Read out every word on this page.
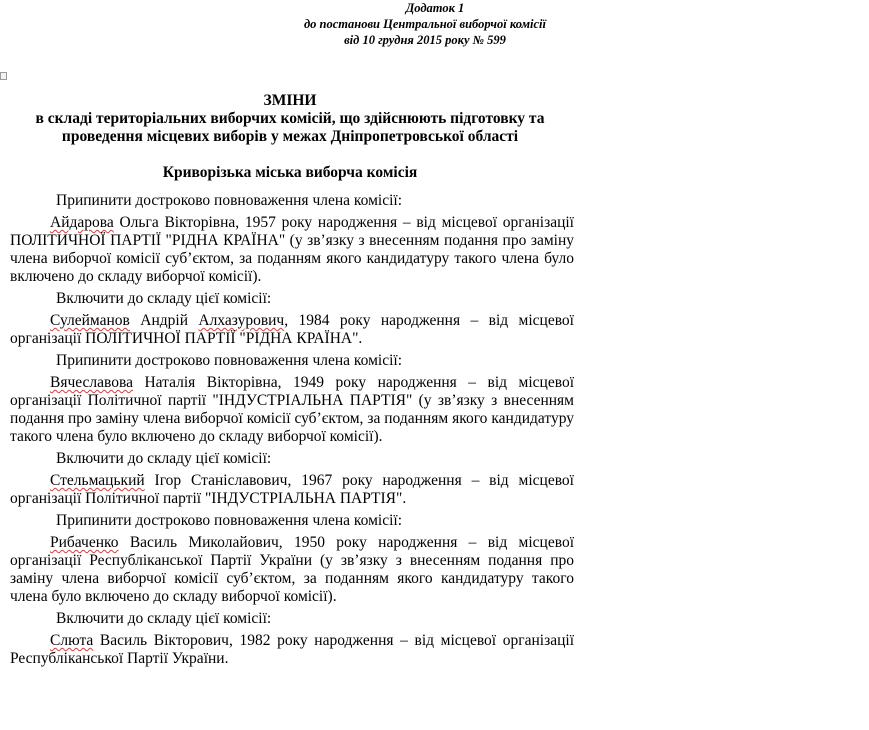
Додаток 1
до постанови Центральної виборчої комісії
від 10 грудня 2015 року № 599
ЗМІНИ
в складі територіальних виборчих комісій, що здійснюють підготовку та
проведення місцевих виборів у межах Дніпропетровської області
Криворізька міська виборча комісія

Припинити достроково повноваження члена комісії:

Айдарова Ольга Вікторівна, 1957 року народження – від місцевої організації ПОЛІТИЧНОЇ ПАРТІЇ "РІДНА КРАЇНА" (у зв’язку з внесенням подання про заміну члена виборчої комісії суб’єктом, за поданням якого кандидатуру такого члена було включено до складу виборчої комісії).

Включити до складу цієї комісії:

Сулейманов Андрій Алхазурович, 1984 року народження – від місцевої організації ПОЛІТИЧНОЇ ПАРТІЇ "РІДНА КРАЇНА".

Припинити достроково повноваження члена комісії:

Вячеславова Наталія Вікторівна, 1949 року народження – від місцевої організації Політичної партії "ІНДУСТРІАЛЬНА ПАРТІЯ" (у зв’язку з внесенням подання про заміну члена виборчої комісії суб’єктом, за поданням якого кандидатуру такого члена було включено до складу виборчої комісії).

Включити до складу цієї комісії:

Стельмацький Ігор Станіславович, 1967 року народження – від місцевої організації Політичної партії "ІНДУСТРІАЛЬНА ПАРТІЯ".

Припинити достроково повноваження члена комісії:

Рибаченко Василь Миколайович, 1950 року народження – від місцевої організації Республіканської Партії України (у зв’язку з внесенням подання про заміну члена виборчої комісії суб’єктом, за поданням якого кандидатуру такого члена було включено до складу виборчої комісії).

Включити до складу цієї комісії:

Слюта Василь Вікторович, 1982 року народження – від місцевої організації Республіканської Партії України.
